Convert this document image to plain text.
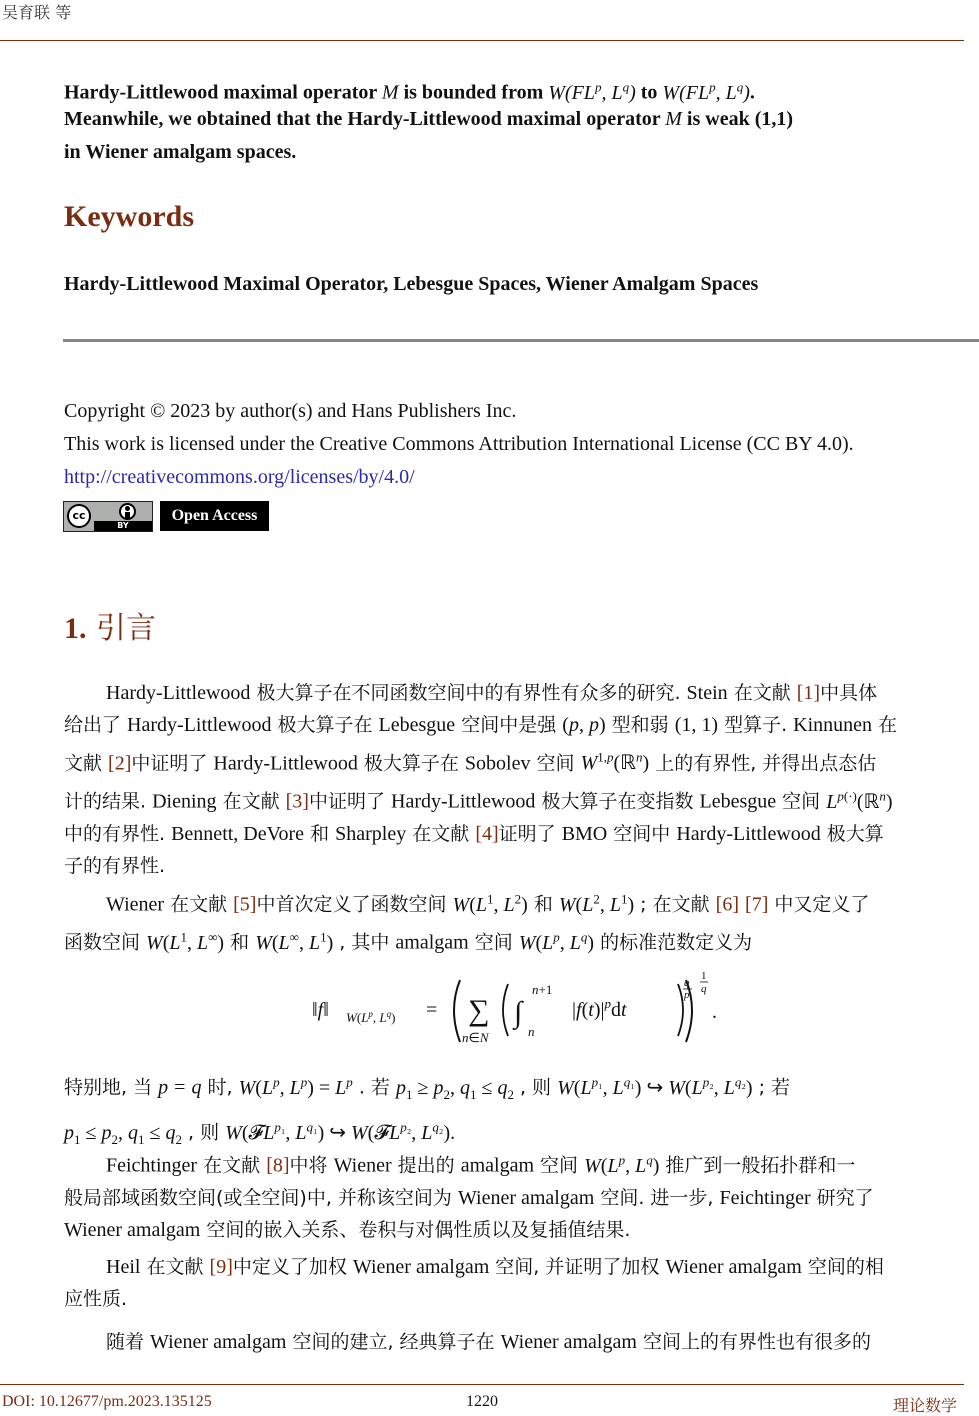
吴育联 等
Hardy-Littlewood maximal operator M is bounded from $W(FL^p$, $L^q$) to $W(FL^p$, $L^q$).
Meanwhile, we obtained that the Hardy-Littlewood maximal operator M is weak (1,1)
in Wiener amalgam spaces.
Keywords
Hardy-Littlewood Maximal Operator, Lebesgue Spaces, Wiener Amalgam Spaces
Copyright © 2023 by author(s) and Hans Publishers Inc.
This work is licensed under the Creative Commons Attribution International License (CC BY 4.0).
http://creativecommons.org/licenses/by/4.0/
cc
BY
Open Access
1. 引言
Hardy-Littlewood 极大算子在不同函数空间中的有界性有众多的研究. Stein 在文献 [1]中具体
给出了 Hardy-Littlewood 极大算子在 Lebesgue 空间中是强 (p, p) 型和弱 (1, 1) 型算子. Kinnunen 在
文献 [2]中证明了 Hardy-Littlewood 极大算子在 Sobolev 空间 W$^{1,p}$(ℝ$^n$) 上的有界性, 并得出点态估
计的结果. Diening 在文献 [3]中证明了 Hardy-Littlewood 极大算子在变指数 Lebesgue 空间 $L^{p(\cdot)}(ℝ^n)$
中的有界性. Bennett, DeVore 和 Sharpley 在文献 [4]证明了 BMO 空间中 Hardy-Littlewood 极大算
子的有界性.
Wiener 在文献 [5]中首次定义了函数空间 $W(L^1$, $L^2$) 和 $W(L^2$, $L^1$) ; 在文献 [6] [7] 中又定义了
函数空间 $W(L^1$, L∞) 和 W(L∞, $L^1$) , 其中 amalgam 空间 $W(L^p$, $L^q$) 的标准范数定义为
‖f‖ $W(L^p$, $L^q$) = ∑
n∈N
∫
n+1
n
$|f(t)|^pdt$
q
p
1
q
.
特别地, 当 p = q 时, $W(L^p$, $L^p) = L^p$ . 若 $p_1 \ge p_2$, $q_1 \le q_2$ , 则 $W(L^{p_1}$, $L^{q_1}$) ↪ $W(L^{p_2}$, $L^{q_2}$) ; 若
$p_1 \le p_2$, $q_1 \le q_2$ , 则 W(𝓕L$^{p_1}$, $L^{q_1}$) ↪ W(𝓕L$^{p_2}$, $L^{q_2}$).
Feichtinger 在文献 [8]中将 Wiener 提出的 amalgam 空间 $W(L^p$, $L^q$) 推广到一般拓扑群和一
般局部域函数空间(或全空间)中, 并称该空间为 Wiener amalgam 空间. 进一步, Feichtinger 研究了
Wiener amalgam 空间的嵌入关系、卷积与对偶性质以及复插值结果.
Heil 在文献 [9]中定义了加权 Wiener amalgam 空间, 并证明了加权 Wiener amalgam 空间的相
应性质.
随着 Wiener amalgam 空间的建立, 经典算子在 Wiener amalgam 空间上的有界性也有很多的
DOI: 10.12677/pm.2023.135125	1220	理论数学
